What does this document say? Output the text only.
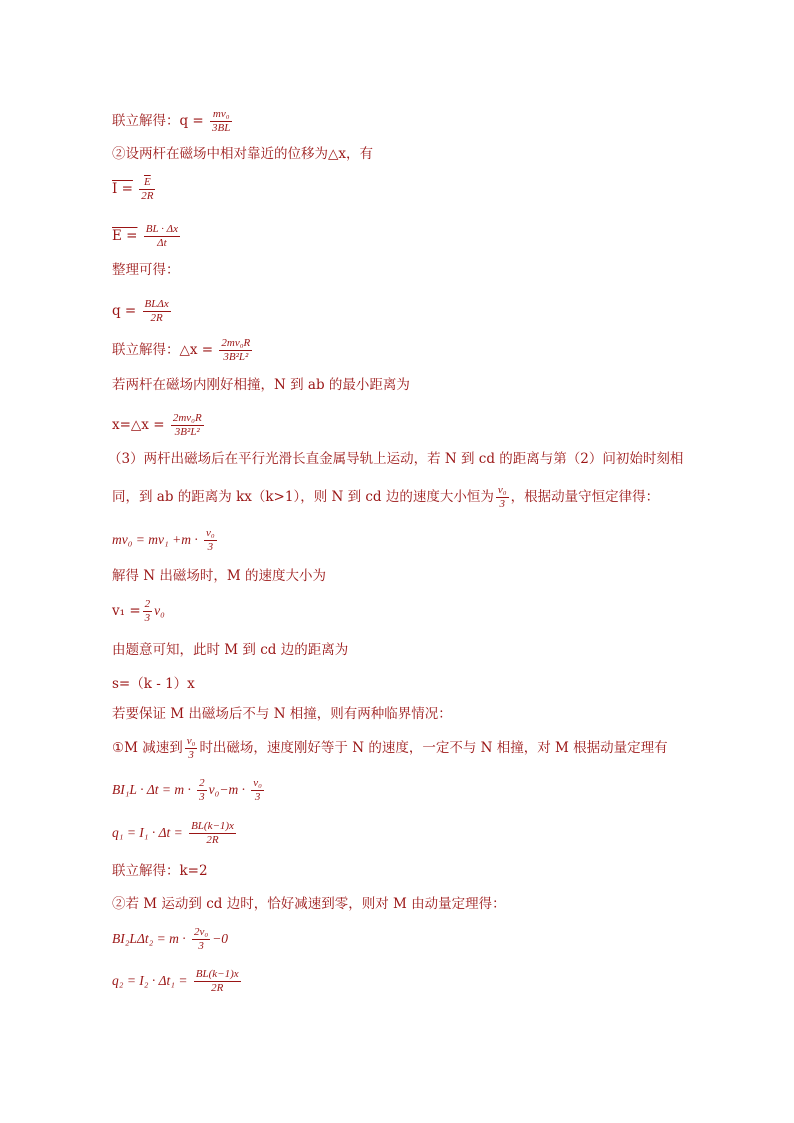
联立解得：$q = \frac{\text{mv₀}}{3BL}$
②设两杆在磁场中相对靠近的位移为△x，有
$I = \frac{\overline{E}}{2R}$
$E = \frac{BL \cdot \Delta x}{\Delta t}$
整理可得：
$q = \frac{\text{BLΔx}}{2R}$
联立解得：△x = $\frac{\text{2mv₀R}}{\text{3B²L²}}$
若两杆在磁场内刚好相撞，N 到 ab 的最小距离为
x=△x = $\frac{\text{2mv₀R}}{\text{3B²L²}}$
（3）两杆出磁场后在平行光滑长直金属导轨上运动，若 N 到 cd 的距离与第（2）问初始时刻相
同，到 ab 的距离为 kx（k>1），则 N 到 cd 边的速度大小恒为 $\frac{\text{v₀}}{3}$ ，根据动量守恒定律得：
$mv_0 = mv_1 +m \cdot \frac{\text{v₀}}{3}$
解得 N 出磁场时，M 的速度大小为
$v_1 = \frac{2}{3} v_0$
由题意可知，此时 M 到 cd 边的距离为
s=（k - 1）x
若要保证 M 出磁场后不与 N 相撞，则有两种临界情况：
①M 减速到 $\frac{\text{v₀}}{3}$ 时出磁场，速度刚好等于 N 的速度，一定不与 N 相撞，对 M 根据动量定理有
$BI_1L \cdot \Delta t = m \cdot \frac{2}{3} v_0-m \cdot \frac{\text{v₀}}{3}$
$q_1 = I_1 \cdot \Delta t = \frac{BL(k-1)x}{2R}$
联立解得：k=2
②若 M 运动到 cd 边时，恰好减速到零，则对 M 由动量定理得：
$BI_2L\Delta t_2 = m \cdot \frac{\text{2v₀}}{3} -0$
$q_2 = I_2 \cdot \Delta t_1 = \frac{BL(k-1)x}{2R}$
